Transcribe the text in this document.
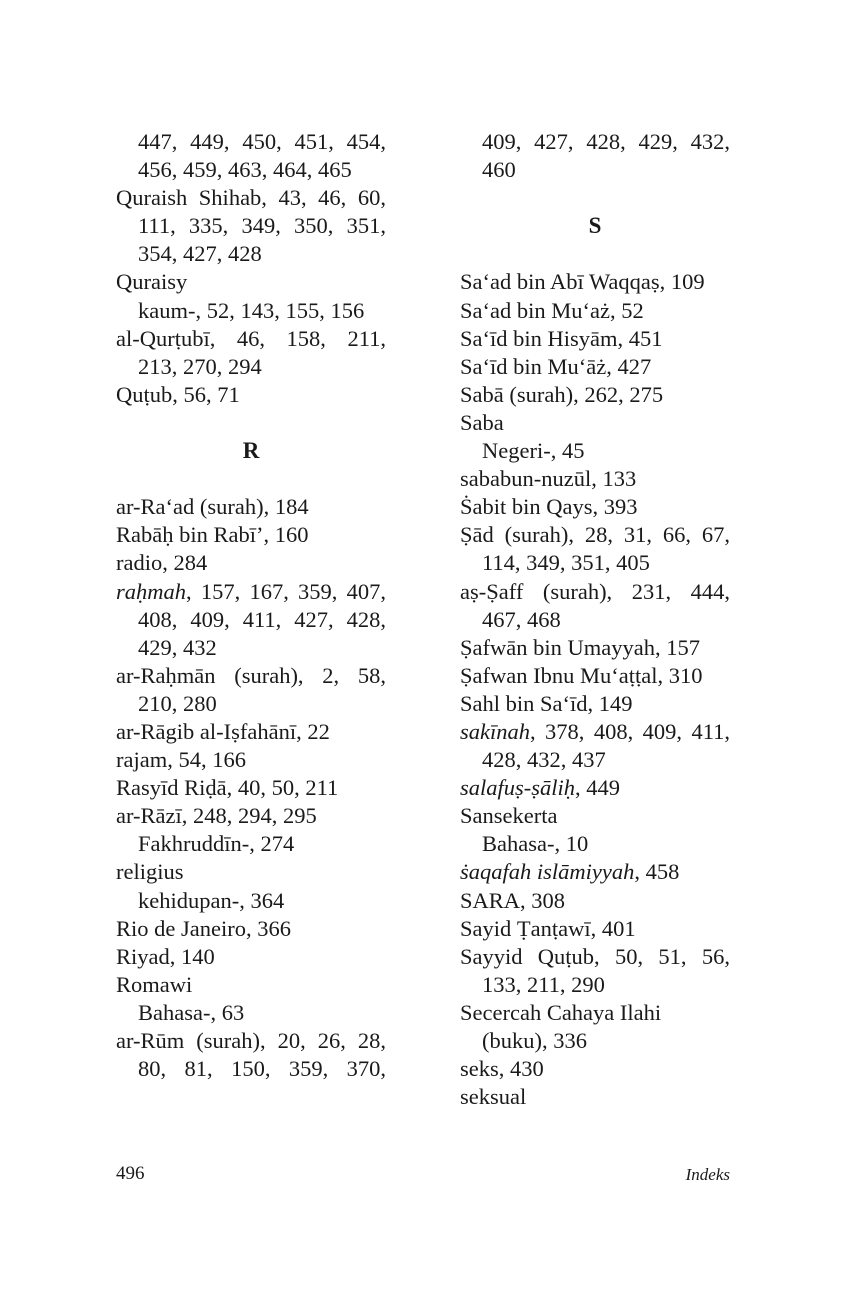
447, 449, 450, 451, 454,
456, 459, 463, 464, 465
Quraish Shihab, 43, 46, 60,
111, 335, 349, 350, 351,
354, 427, 428
Quraisy
kaum-, 52, 143, 155, 156
al-Qurṭubī, 46, 158, 211,
213, 270, 294
Quṭub, 56, 71
R
ar-Ra‘ad (surah), 184
Rabāḥ bin Rabī’, 160
radio, 284
raḥmah, 157, 167, 359, 407,
408, 409, 411, 427, 428,
429, 432
ar-Raḥmān (surah), 2, 58,
210, 280
ar-Rāgib al-Iṣfahānī, 22
rajam, 54, 166
Rasyīd Riḍā, 40, 50, 211
ar-Rāzī, 248, 294, 295
Fakhruddīn-, 274
religius
kehidupan-, 364
Rio de Janeiro, 366
Riyad, 140
Romawi
Bahasa-, 63
ar-Rūm (surah), 20, 26, 28,
80, 81, 150, 359, 370,
409, 427, 428, 429, 432,
460
S
Sa‘ad bin Abī Waqqaṣ, 109
Sa‘ad bin Mu‘aż, 52
Sa‘īd bin Hisyām, 451
Sa‘īd bin Mu‘āż, 427
Sabā (surah), 262, 275
Saba
Negeri-, 45
sababun-nuzūl, 133
Ṡabit bin Qays, 393
Ṣād (surah), 28, 31, 66, 67,
114, 349, 351, 405
aṣ-Ṣaff (surah), 231, 444,
467, 468
Ṣafwān bin Umayyah, 157
Ṣafwan Ibnu Mu‘aṭṭal, 310
Sahl bin Sa‘īd, 149
sakīnah, 378, 408, 409, 411,
428, 432, 437
salafuṣ-ṣāliḥ, 449
Sansekerta
Bahasa-, 10
ṡaqafah islāmiyyah, 458
SARA, 308
Sayid Ṭanṭawī, 401
Sayyid Quṭub, 50, 51, 56,
133, 211, 290
Secercah Cahaya Ilahi
(buku), 336
seks, 430
seksual
496	Indeks
